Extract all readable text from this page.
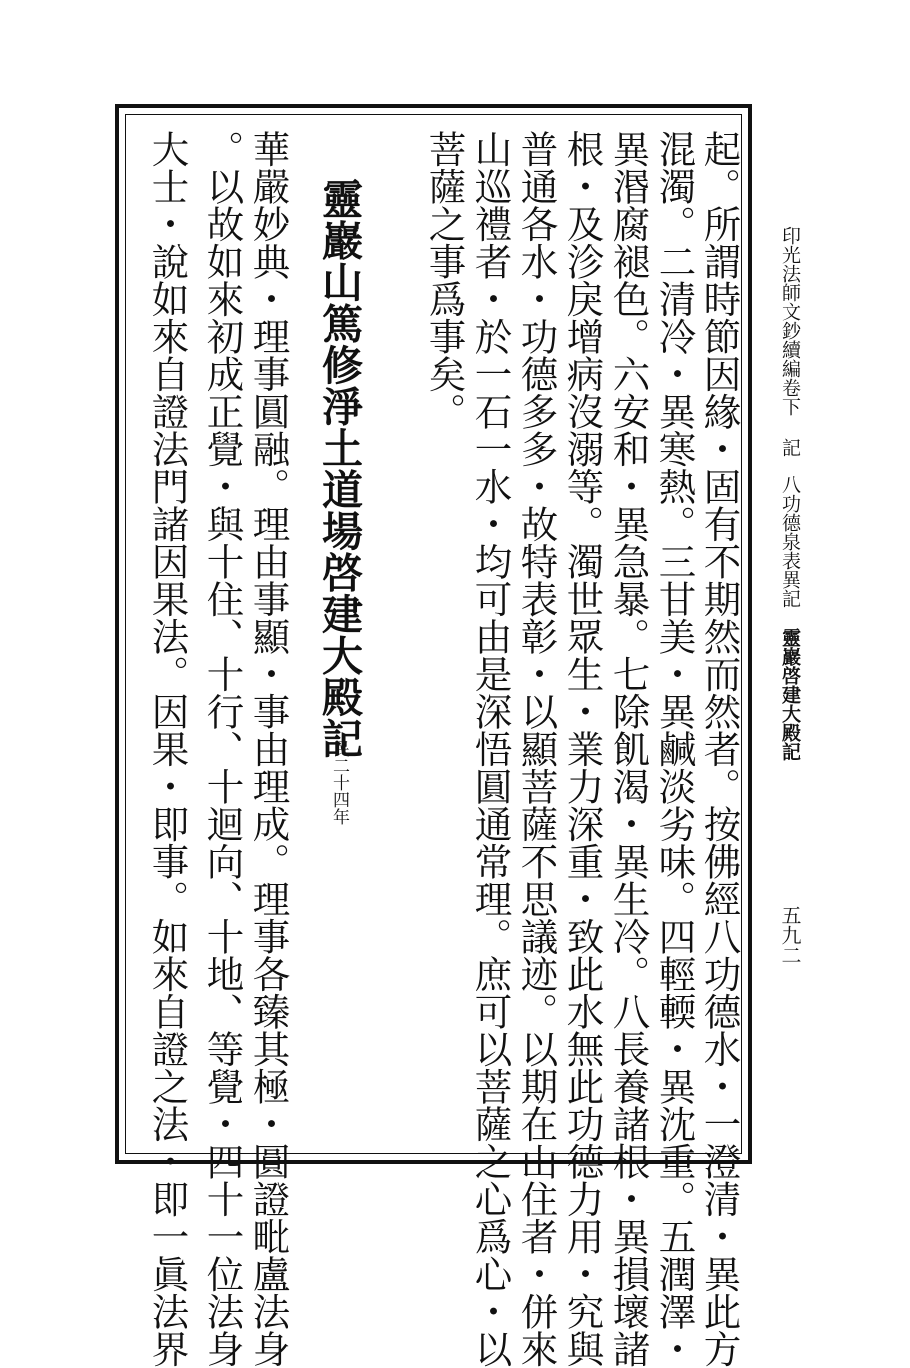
印光法師文鈔續編卷下記八功德泉表異記靈巖啓建大殿記
五九二
起。所謂時節因緣・固有不期然而然者。按佛經八功德水・一澄清・異此方
混濁。二清冷・異寒熱。三甘美・異鹹淡劣味。四輕輭・異沈重。五潤澤・
異湣腐褪色。六安和・異急暴。七除飢渴・異生冷。八長養諸根・異損壞諸
根・及沴戾增病沒溺等。濁世眾生・業力深重・致此水無此功德力用・究與
普通各水・功德多多・故特表彰・以顯菩薩不思議迹。以期在山住者・併來
山巡禮者・於一石一水・均可由是深悟圓通常理。庶可以菩薩之心爲心・以
菩薩之事爲事矣。
靈巖山篤修淨土道場啓建大殿記
民二十四年
華嚴妙典・理事圓融。理由事顯・事由理成。理事各臻其極・圓證毗盧法身
。以故如來初成正覺・與十住、十行、十迴向、十地、等覺・四十一位法身
大士・說如來自證法門諸因果法。因果・即事。如來自證之法・即一眞法界
